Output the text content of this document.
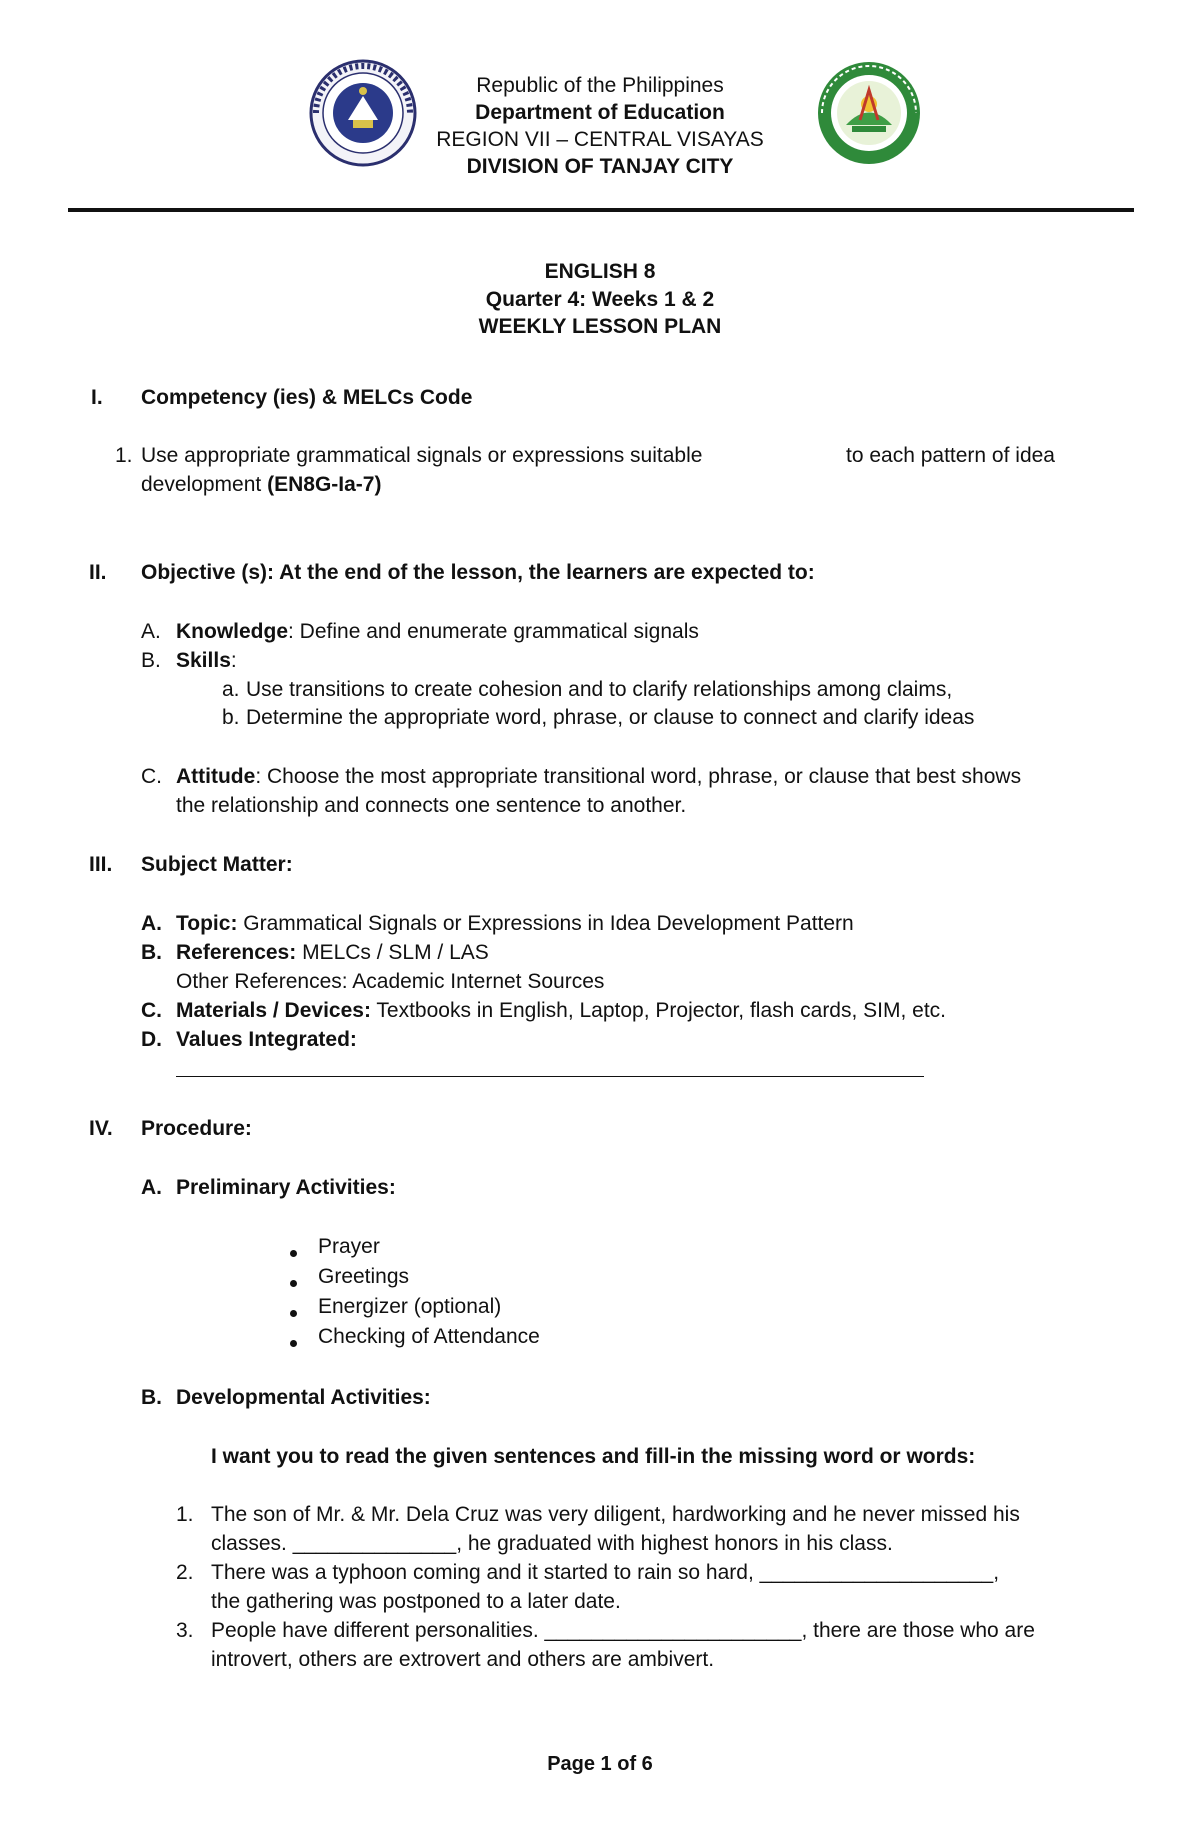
Republic of the Philippines
Department of Education
REGION VII – CENTRAL VISAYAS
DIVISION OF TANJAY CITY
ENGLISH 8
Quarter 4: Weeks 1 & 2
WEEKLY LESSON PLAN
I. Competency (ies) & MELCs Code
1. Use appropriate grammatical signals or expressions suitable	to each pattern of idea
development (EN8G-Ia-7)
II. Objective (s): At the end of the lesson, the learners are expected to:
A. Knowledge: Define and enumerate grammatical signals
B. Skills:
a. Use transitions to create cohesion and to clarify relationships among claims,
b. Determine the appropriate word, phrase, or clause to connect and clarify ideas
C. Attitude: Choose the most appropriate transitional word, phrase, or clause that best shows
the relationship and connects one sentence to another.
III. Subject Matter:
A. Topic: Grammatical Signals or Expressions in Idea Development Pattern
B. References: MELCs / SLM / LAS
Other References: Academic Internet Sources
C. Materials / Devices: Textbooks in English, Laptop, Projector, flash cards, SIM, etc.
D. Values Integrated:
IV. Procedure:
A. Preliminary Activities:
Prayer
Greetings
Energizer (optional)
Checking of Attendance
B. Developmental Activities:
I want you to read the given sentences and fill-in the missing word or words:
1. The son of Mr. & Mr. Dela Cruz was very diligent, hardworking and he never missed his
classes. ______________, he graduated with highest honors in his class.
2. There was a typhoon coming and it started to rain so hard, ____________________,
the gathering was postponed to a later date.
3. People have different personalities. ______________________, there are those who are
introvert, others are extrovert and others are ambivert.
Page 1 of 6
